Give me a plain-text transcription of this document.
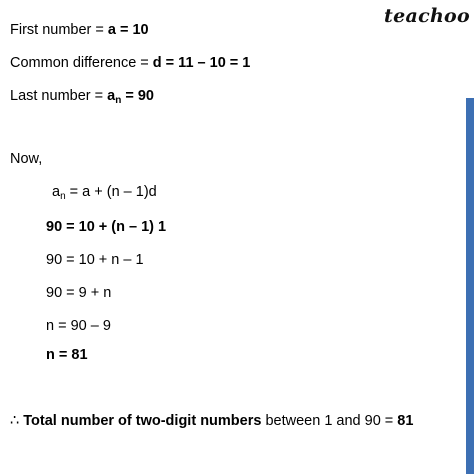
teachoo
First number = a = 10
Common difference = d = 11 – 10 = 1
Last number = $a_n = 90$
Now,
$a_n = a + (n - 1)d$
90 = 10 + (n – 1) 1
90 = 10 + n – 1
90 = 9 + n
n = 90 – 9
n = 81
∴ Total number of two-digit numbers between 1 and 90 = 81
